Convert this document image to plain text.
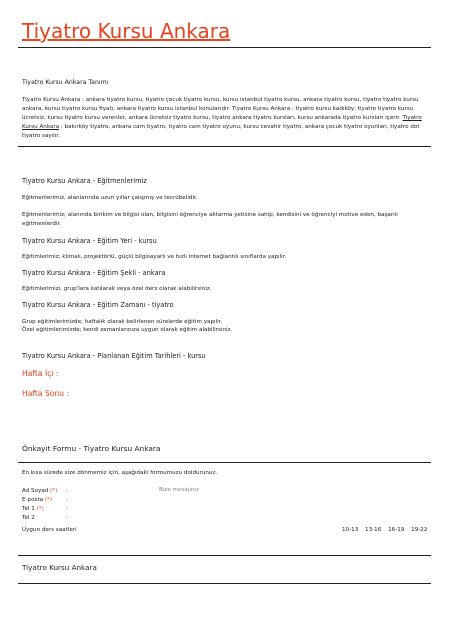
Tiyatro Kursu Ankara
Tiyatro Kursu Ankara Tanımı
Tiyatro Kursu Ankara : ankara tiyatro kursu, tiyatro çocuk tiyatro kursu, kursu istanbul tiyatro kursu, ankara tiyatro kursu, tiyatro tiyatro kursu ankara, kursu tiyatro kursu fiyatı, ankara tiyatro kursu istanbul konularıdır. Tiyatro Kursu Ankara : tiyatro kursu kadıköy, tiyatro tiyatro kursu ücretsiz, kursu tiyatro kursu verenler, ankara ücretsiz tiyatro kursu, tiyatro ankara tiyatro kursları, kursu ankarada tiyatro kursları içerir. Tiyatro Kursu Ankara : bakırköy tiyatro, ankara cam tiyatro, tiyatro cam tiyatro oyunu, kursu cevahir tiyatro, ankara çocuk tiyatro oyunları, tiyatro dot tiyatro sayılır.
Tiyatro Kursu Ankara - Eğitmenlerimiz
Eğitmenlerimiz, alanlarında uzun yıllar çalışmış ve tecrübelidir.
Eğitmenlerimiz; alanında birikim ve bilgisi olan, bilgisini öğrenciye aktarma yetisine sahip, kendisini ve öğrenciyi motive eden, başarılı eğitmenlerdir.
Tiyatro Kursu Ankara - Eğitim Yeri - kursu
Eğitimlerimiz; klimalı, projektörlü, güçlü bilgisayarlı ve hızlı internet bağlantılı sınıflarda yapılır.
Tiyatro Kursu Ankara - Eğitim Şekli - ankara
Eğitimlerimizi, grup'lara katılarak veya özel ders olarak alabilirsiniz.
Tiyatro Kursu Ankara - Eğitim Zamanı - tiyatro
Grup eğitimlerimizde; haftalık olarak belirlenen sürelerde eğitim yapılır.
Özel eğitimlerimizde; kendi zamanlarınıza uygun olarak eğitim alabilirsiniz.
Tiyatro Kursu Ankara - Planlanan Eğitim Tarihleri - kursu
Hafta İçi :
Hafta Sonu :
Önkayıt Formu - Tiyatro Kursu Ankara
En kısa sürede size dönmemiz için, aşağıdaki formumuzu doldurunuz.
Ad Soyad (*) :	Bize mesajınız
E-posta (*) :
Tel 1 (*)	:
Tel 2	:
Uygun ders saatleri	10-13 13-16 16-19 19-22
Tiyatro Kursu Ankara
